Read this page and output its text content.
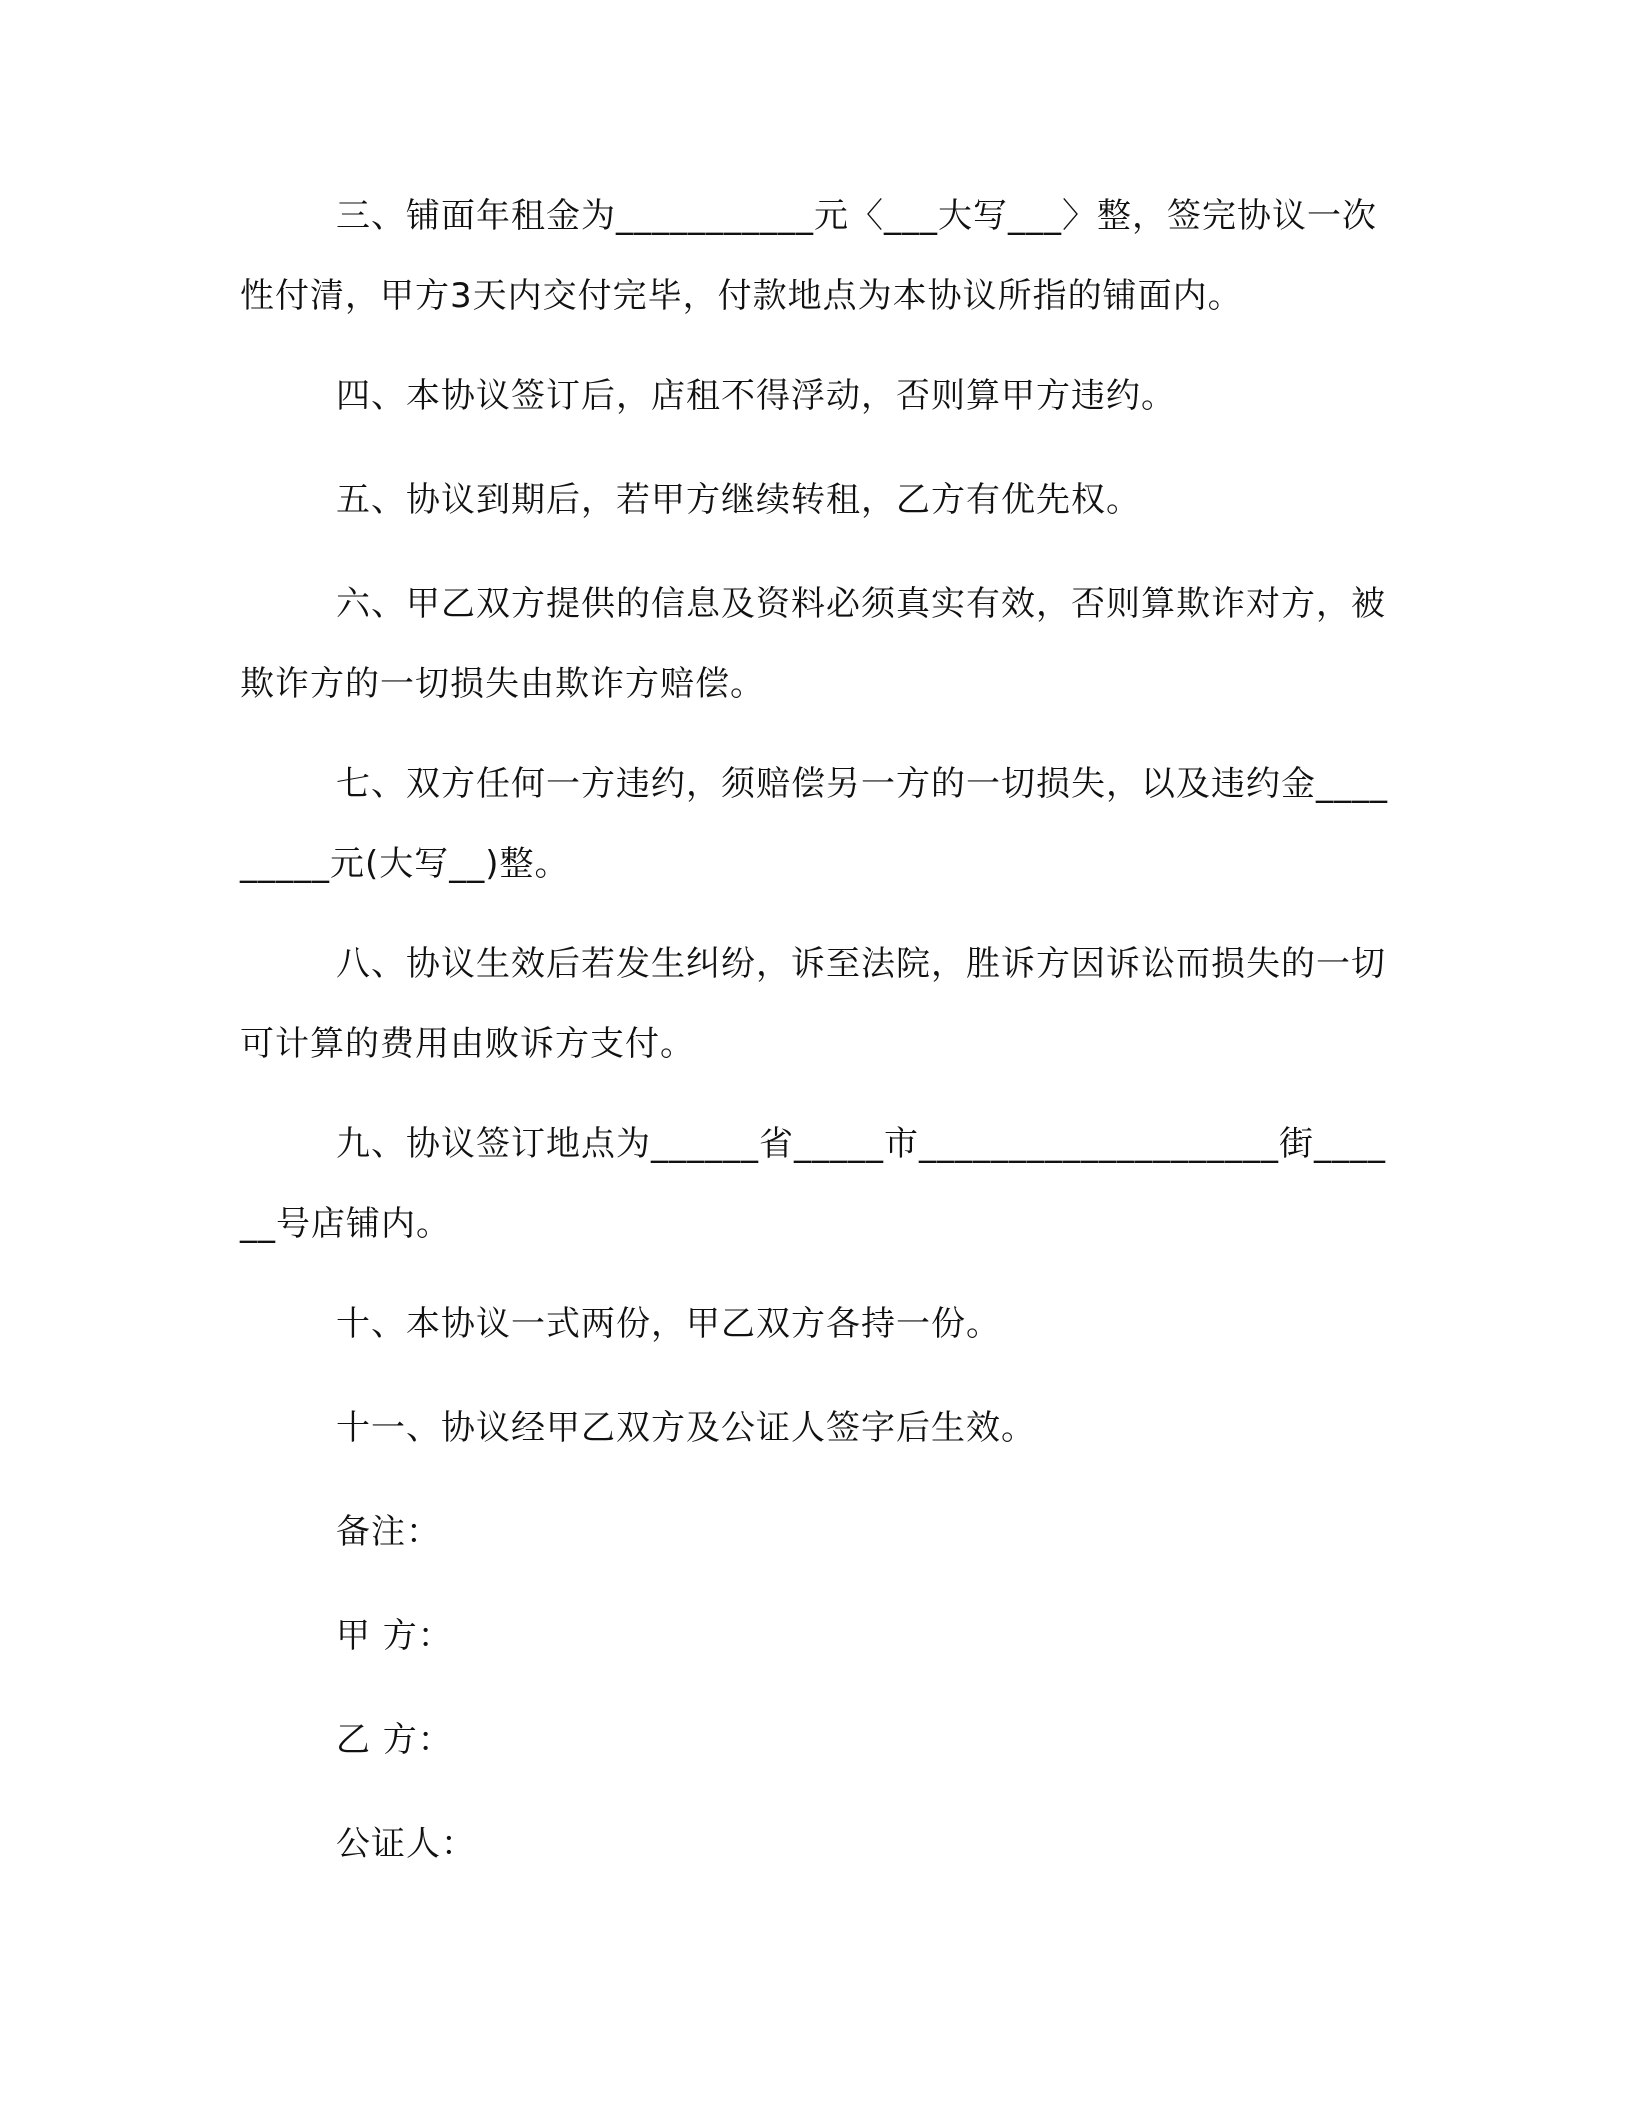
三、铺面年租金为___________元〈___大写___〉整，签完协议一次性付清，甲方3天内交付完毕，付款地点为本协议所指的铺面内。

四、本协议签订后，店租不得浮动，否则算甲方违约。

五、协议到期后，若甲方继续转租，乙方有优先权。

六、甲乙双方提供的信息及资料必须真实有效，否则算欺诈对方，被欺诈方的一切损失由欺诈方赔偿。

七、双方任何一方违约，须赔偿另一方的一切损失，以及违约金_________元(大写__)整。

八、协议生效后若发生纠纷，诉至法院，胜诉方因诉讼而损失的一切可计算的费用由败诉方支付。

九、协议签订地点为______省_____市____________________街______号店铺内。

十、本协议一式两份，甲乙双方各持一份。

十一、协议经甲乙双方及公证人签字后生效。

备注：

甲 方：

乙 方：

公证人：
